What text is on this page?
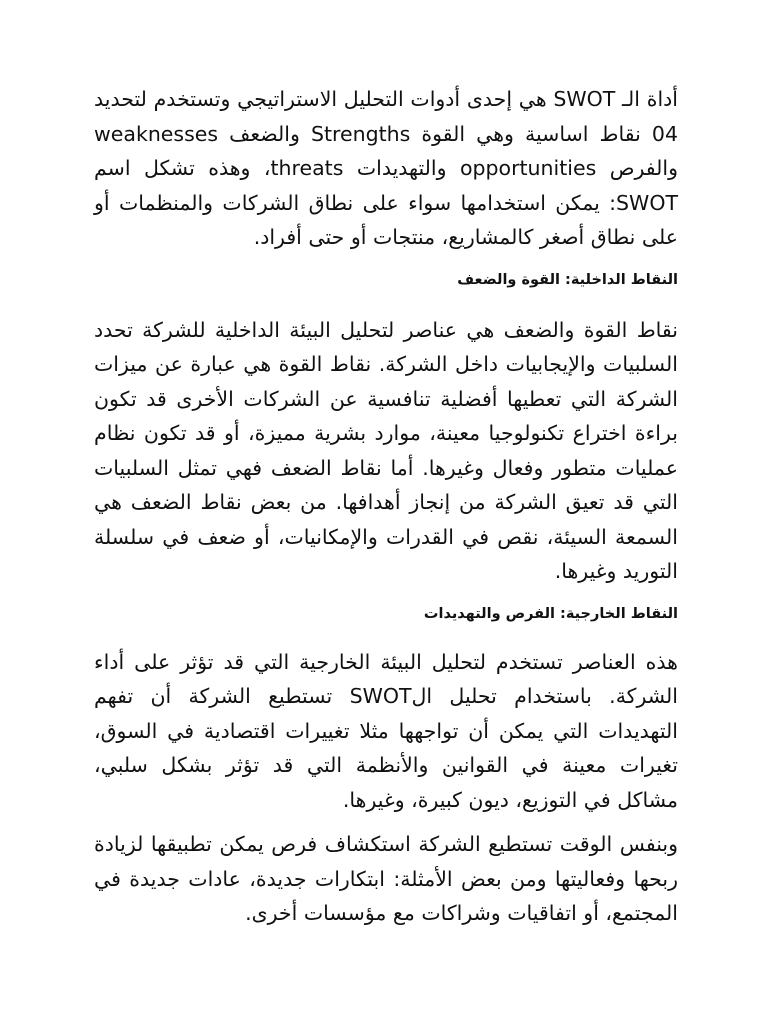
أداة الـ SWOT هي إحدى أدوات التحليل الاستراتيجي وتستخدم لتحديد 04 نقاط اساسية وهي القوة Strengths والضعف weaknesses والفرص opportunities والتهديدات threats، وهذه تشكل اسم SWOT: يمكن استخدامها سواء على نطاق الشركات والمنظمات أو على نطاق أصغر كالمشاريع، منتجات أو حتى أفراد.

النقاط الداخلية: القوة والضعف

نقاط القوة والضعف هي عناصر لتحليل البيئة الداخلية للشركة تحدد السلبيات والإيجابيات داخل الشركة. نقاط القوة هي عبارة عن ميزات الشركة التي تعطيها أفضلية تنافسية عن الشركات الأخرى قد تكون براءة اختراع تكنولوجيا معينة، موارد بشرية مميزة، أو قد تكون نظام عمليات متطور وفعال وغيرها. أما نقاط الضعف فهي تمثل السلبيات التي قد تعيق الشركة من إنجاز أهدافها. من بعض نقاط الضعف هي السمعة السيئة، نقص في القدرات والإمكانيات، أو ضعف في سلسلة التوريد وغيرها.

النقاط الخارجية: الفرص والتهديدات

هذه العناصر تستخدم لتحليل البيئة الخارجية التي قد تؤثر على أداء الشركة. باستخدام تحليل الSWOT تستطيع الشركة أن تفهم التهديدات التي يمكن أن تواجهها مثلا تغييرات اقتصادية في السوق، تغيرات معينة في القوانين والأنظمة التي قد تؤثر بشكل سلبي، مشاكل في التوزيع، ديون كبيرة، وغيرها.

وبنفس الوقت تستطيع الشركة استكشاف فرص يمكن تطبيقها لزيادة ربحها وفعاليتها ومن بعض الأمثلة: ابتكارات جديدة، عادات جديدة في المجتمع، أو اتفاقيات وشراكات مع مؤسسات أخرى.
